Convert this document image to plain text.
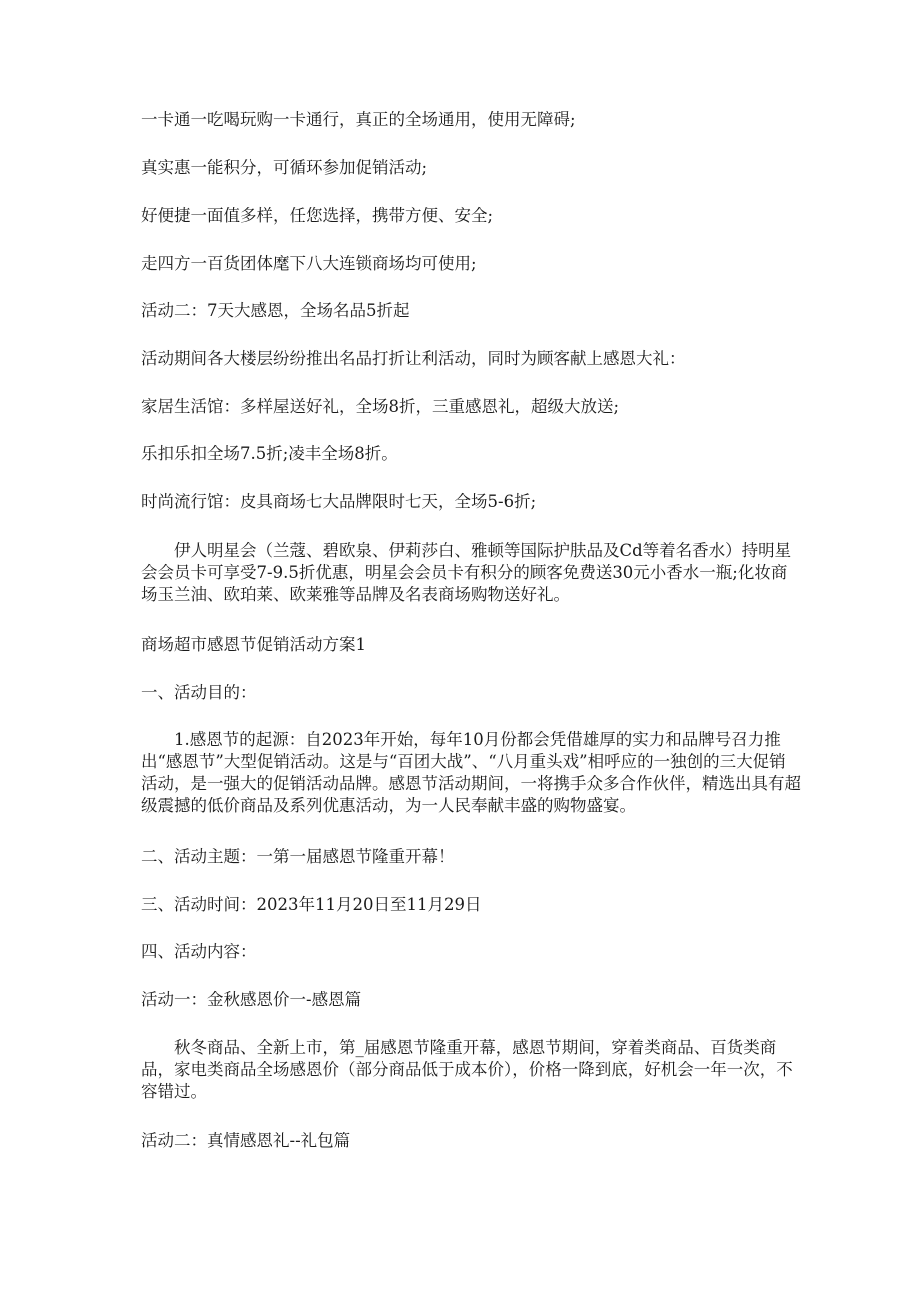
一卡通一吃喝玩购一卡通行，真正的全场通用，使用无障碍;

真实惠一能积分，可循环参加促销活动;

好便捷一面值多样，任您选择，携带方便、安全;

走四方一百货团体麾下八大连锁商场均可使用;

活动二：7天大感恩，全场名品5折起

活动期间各大楼层纷纷推出名品打折让利活动，同时为顾客献上感恩大礼：

家居生活馆：多样屋送好礼，全场8折，三重感恩礼，超级大放送;

乐扣乐扣全场7.5折;凌丰全场8折。

时尚流行馆：皮具商场七大品牌限时七天，全场5-6折;

伊人明星会（兰蔻、碧欧泉、伊莉莎白、雅顿等国际护肤品及Cd等着名香水）持明星会会员卡可享受7-9.5折优惠，明星会会员卡有积分的顾客免费送30元小香水一瓶;化妆商场玉兰油、欧珀莱、欧莱雅等品牌及名表商场购物送好礼。

商场超市感恩节促销活动方案1

一、活动目的：

1.感恩节的起源：自2023年开始，每年10月份都会凭借雄厚的实力和品牌号召力推出“感恩节”大型促销活动。这是与“百团大战”、“八月重头戏”相呼应的一独创的三大促销活动，是一强大的促销活动品牌。感恩节活动期间，一将携手众多合作伙伴，精选出具有超级震撼的低价商品及系列优惠活动，为一人民奉献丰盛的购物盛宴。

二、活动主题：一第一届感恩节隆重开幕！

三、活动时间：2023年11月20日至11月29日

四、活动内容：

活动一：金秋感恩价一-感恩篇

秋冬商品、全新上市，第_届感恩节隆重开幕，感恩节期间，穿着类商品、百货类商品，家电类商品全场感恩价（部分商品低于成本价），价格一降到底，好机会一年一次，不容错过。

活动二：真情感恩礼--礼包篇
